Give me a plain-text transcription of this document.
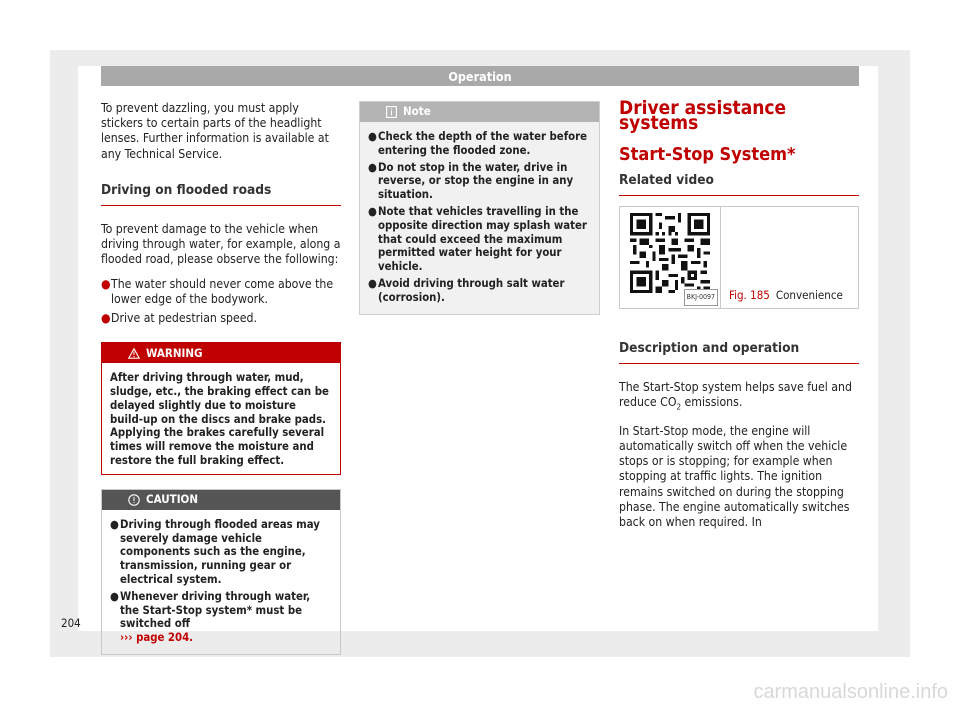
Operation

To prevent dazzling, you must apply stickers to certain parts of the headlight lenses. Further information is available at any Technical Service.

Driving on flooded roads

To prevent damage to the vehicle when driving through water, for example, along a flooded road, please observe the following:

● The water should never come above the lower edge of the bodywork.
● Drive at pedestrian speed.
WARNING
After driving through water, mud, sludge, etc., the braking effect can be delayed slightly due to moisture build-up on the discs and brake pads. Applying the brakes carefully several times will remove the moisture and restore the full braking effect.
CAUTION
● Driving through flooded areas may severely damage vehicle components such as the engine, transmission, running gear or electrical system.
● Whenever driving through water, the Start-Stop system* must be switched off
››› page 204.
Note
● Check the depth of the water before entering the flooded zone.
● Do not stop in the water, drive in reverse, or stop the engine in any situation.
● Note that vehicles travelling in the opposite direction may splash water that could exceed the maximum permitted water height for your vehicle.
● Avoid driving through salt water (corrosion).
Driver assistance systems
Start-Stop System*
Related video
BKJ-0097 Fig. 185 Convenience
Description and operation

The Start-Stop system helps save fuel and reduce $CO_2$ emissions.

In Start-Stop mode, the engine will automatically switch off when the vehicle stops or is stopping; for example when stopping at traffic lights. The ignition remains switched on during the stopping phase. The engine automatically switches back on when required. In

204
carmanualsonline.info
